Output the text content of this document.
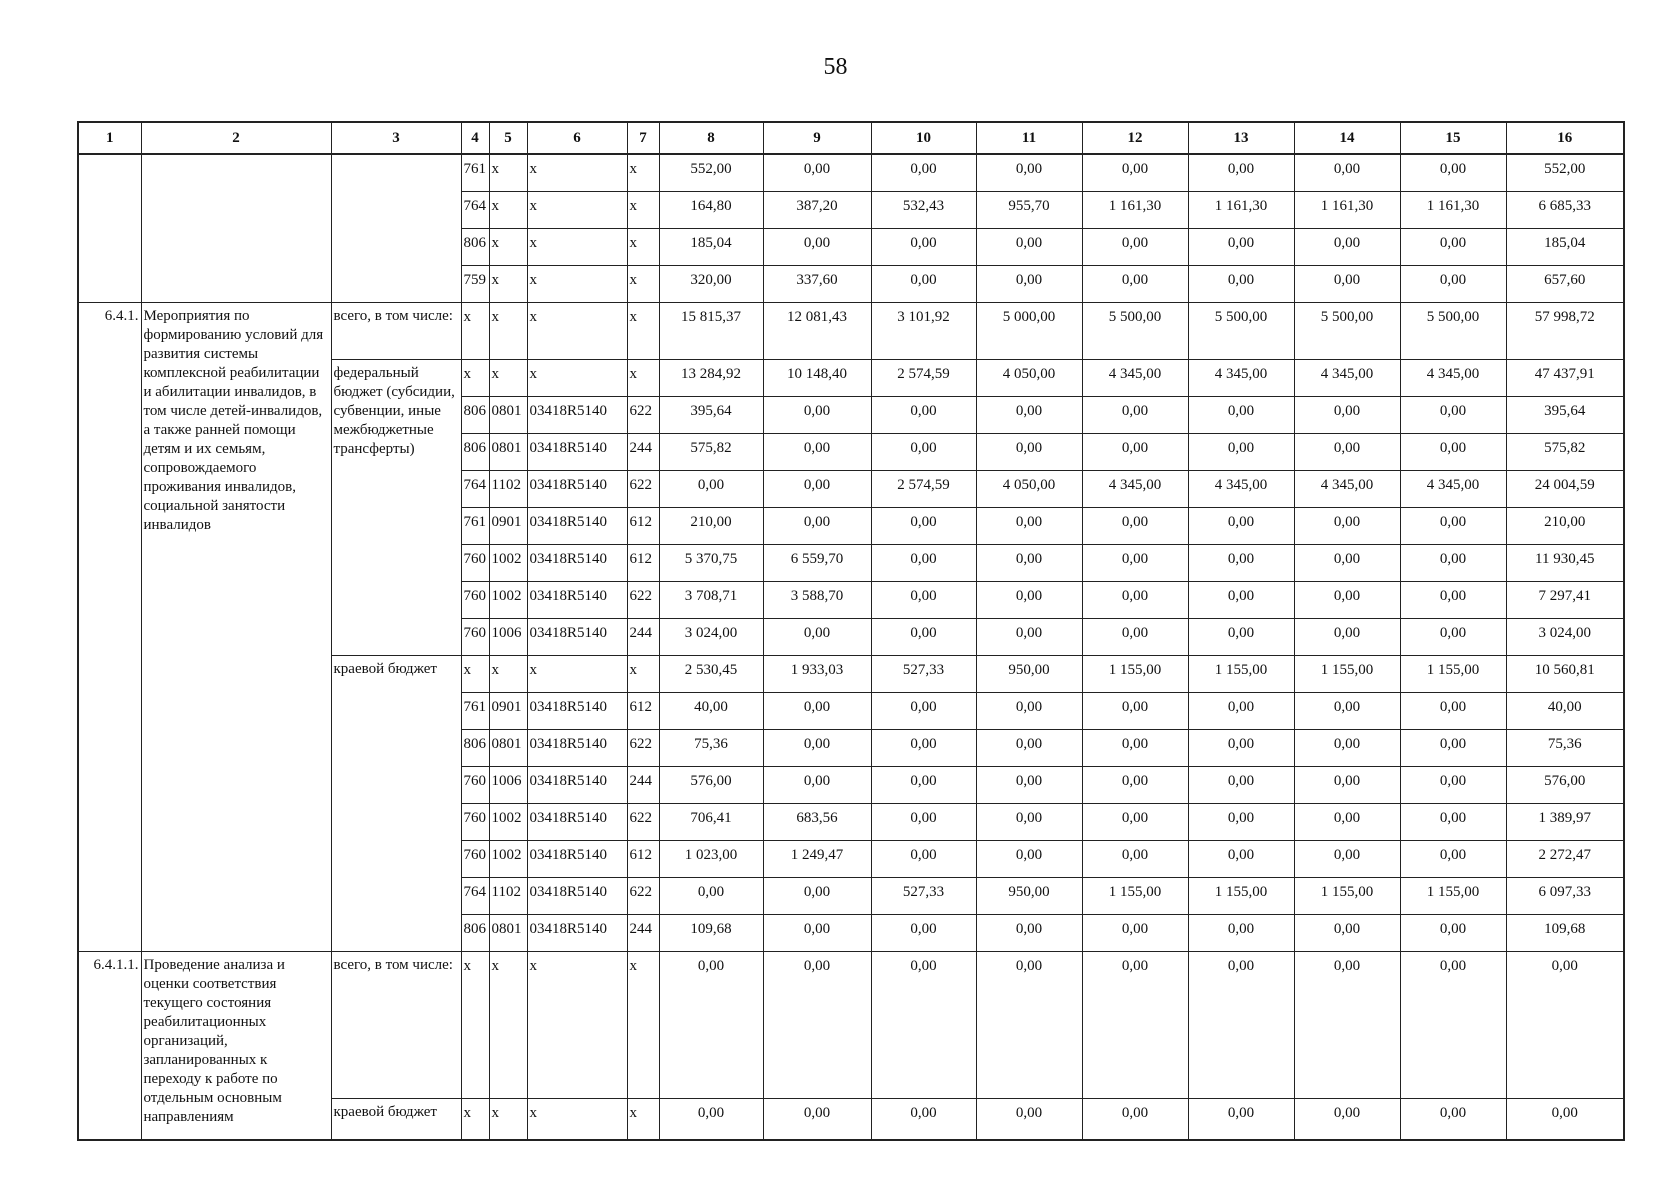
58
1	2	3	4	5	6	7	8	9	10	11	12	13	14	15	16
			761	х	х	х	552,00	0,00	0,00	0,00	0,00	0,00	0,00	0,00	552,00
			764	х	х	х	164,80	387,20	532,43	955,70	1 161,30	1 161,30	1 161,30	1 161,30	6 685,33
			806	х	х	х	185,04	0,00	0,00	0,00	0,00	0,00	0,00	0,00	185,04
			759	х	х	х	320,00	337,60	0,00	0,00	0,00	0,00	0,00	0,00	657,60
6.4.1.	Мероприятия по формированию условий для развития системы комплексной реабилитации и абилитации инвалидов, в том числе детей-инвалидов, а также ранней помощи детям и их семьям, сопровождаемого проживания инвалидов, социальной занятости инвалидов	всего, в том числе:	х	х	х	х	15 815,37	12 081,43	3 101,92	5 000,00	5 500,00	5 500,00	5 500,00	5 500,00	57 998,72
		федеральный бюджет (субсидии, субвенции, иные межбюджетные трансферты)	х	х	х	х	13 284,92	10 148,40	2 574,59	4 050,00	4 345,00	4 345,00	4 345,00	4 345,00	47 437,91
			806	0801	03418R5140	622	395,64	0,00	0,00	0,00	0,00	0,00	0,00	0,00	395,64
			806	0801	03418R5140	244	575,82	0,00	0,00	0,00	0,00	0,00	0,00	0,00	575,82
			764	1102	03418R5140	622	0,00	0,00	2 574,59	4 050,00	4 345,00	4 345,00	4 345,00	4 345,00	24 004,59
			761	0901	03418R5140	612	210,00	0,00	0,00	0,00	0,00	0,00	0,00	0,00	210,00
			760	1002	03418R5140	612	5 370,75	6 559,70	0,00	0,00	0,00	0,00	0,00	0,00	11 930,45
			760	1002	03418R5140	622	3 708,71	3 588,70	0,00	0,00	0,00	0,00	0,00	0,00	7 297,41
			760	1006	03418R5140	244	3 024,00	0,00	0,00	0,00	0,00	0,00	0,00	0,00	3 024,00
		краевой бюджет	х	х	х	х	2 530,45	1 933,03	527,33	950,00	1 155,00	1 155,00	1 155,00	1 155,00	10 560,81
			761	0901	03418R5140	612	40,00	0,00	0,00	0,00	0,00	0,00	0,00	0,00	40,00
			806	0801	03418R5140	622	75,36	0,00	0,00	0,00	0,00	0,00	0,00	0,00	75,36
			760	1006	03418R5140	244	576,00	0,00	0,00	0,00	0,00	0,00	0,00	0,00	576,00
			760	1002	03418R5140	622	706,41	683,56	0,00	0,00	0,00	0,00	0,00	0,00	1 389,97
			760	1002	03418R5140	612	1 023,00	1 249,47	0,00	0,00	0,00	0,00	0,00	0,00	2 272,47
			764	1102	03418R5140	622	0,00	0,00	527,33	950,00	1 155,00	1 155,00	1 155,00	1 155,00	6 097,33
			806	0801	03418R5140	244	109,68	0,00	0,00	0,00	0,00	0,00	0,00	0,00	109,68
6.4.1.1.	Проведение анализа и оценки соответствия текущего состояния реабилитационных организаций, запланированных к переходу к работе по отдельным основным направлениям	всего, в том числе:	х	х	х	х	0,00	0,00	0,00	0,00	0,00	0,00	0,00	0,00	0,00
		краевой бюджет	х	х	х	х	0,00	0,00	0,00	0,00	0,00	0,00	0,00	0,00	0,00
